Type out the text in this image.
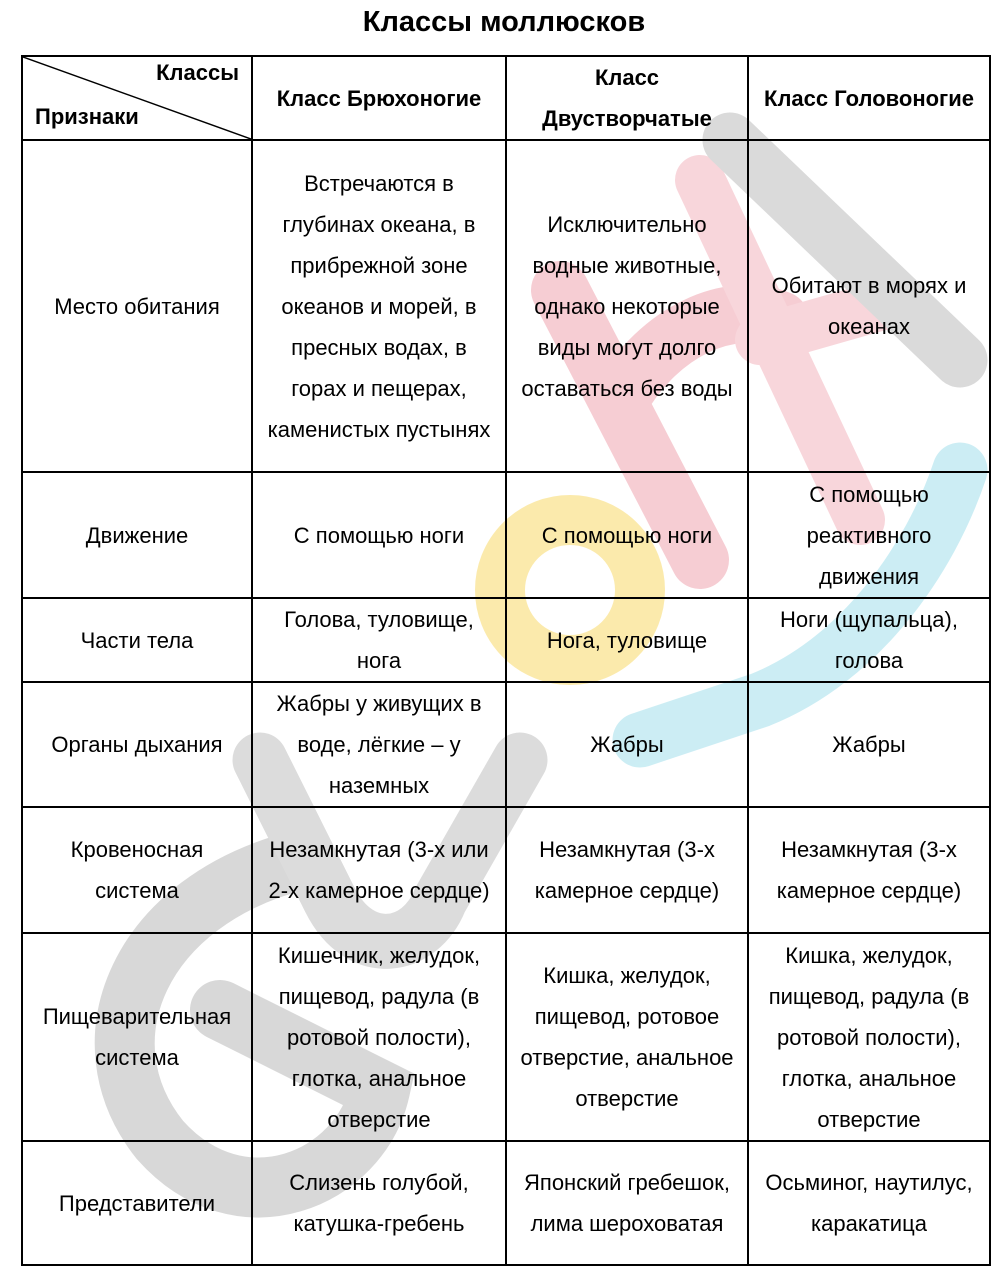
Классы моллюсков
Классы
Признаки	Класс Брюхоногие	Класс Двустворчатые	Класс Головоногие
Место обитания	Встречаются в глубинах океана, в прибрежной зоне океанов и морей, в пресных водах, в горах и пещерах, каменистых пустынях	Исключительно водные животные, однако некоторые виды могут долго оставаться без воды	Обитают в морях и океанах
Движение	С помощью ноги	С помощью ноги	С помощью реактивного движения
Части тела	Голова, туловище, нога	Нога, туловище	Ноги (щупальца), голова
Органы дыхания	Жабры у живущих в воде, лёгкие – у наземных	Жабры	Жабры
Кровеносная система	Незамкнутая (3-х или 2-х камерное сердце)	Незамкнутая (3-х камерное сердце)	Незамкнутая (3-х камерное сердце)
Пищеварительная система	Кишечник, желудок, пищевод, радула (в ротовой полости), глотка, анальное отверстие	Кишка, желудок, пищевод, ротовое отверстие, анальное отверстие	Кишка, желудок, пищевод, радула (в ротовой полости), глотка, анальное отверстие
Представители	Слизень голубой, катушка-гребень	Японский гребешок, лима шероховатая	Осьминог, наутилус, каракатица
